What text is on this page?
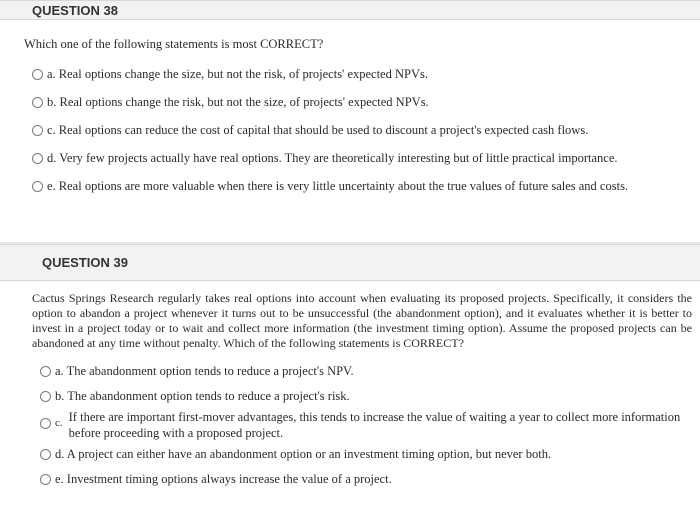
QUESTION 38

Which one of the following statements is most CORRECT?

a. Real options change the size, but not the risk, of projects' expected NPVs.
b. Real options change the risk, but not the size, of projects' expected NPVs.
c. Real options can reduce the cost of capital that should be used to discount a project's expected cash flows.
d. Very few projects actually have real options. They are theoretically interesting but of little practical importance.
e. Real options are more valuable when there is very little uncertainty about the true values of future sales and costs.
QUESTION 39

Cactus Springs Research regularly takes real options into account when evaluating its proposed projects. Specifically, it considers the option to abandon a project whenever it turns out to be unsuccessful (the abandonment option), and it evaluates whether it is better to invest in a project today or to wait and collect more information (the investment timing option). Assume the proposed projects can be abandoned at any time without penalty. Which of the following statements is CORRECT?

a. The abandonment option tends to reduce a project's NPV.
b. The abandonment option tends to reduce a project's risk.
c. If there are important first-mover advantages, this tends to increase the value of waiting a year to collect more information before proceeding with a proposed project.
d. A project can either have an abandonment option or an investment timing option, but never both.
e. Investment timing options always increase the value of a project.
